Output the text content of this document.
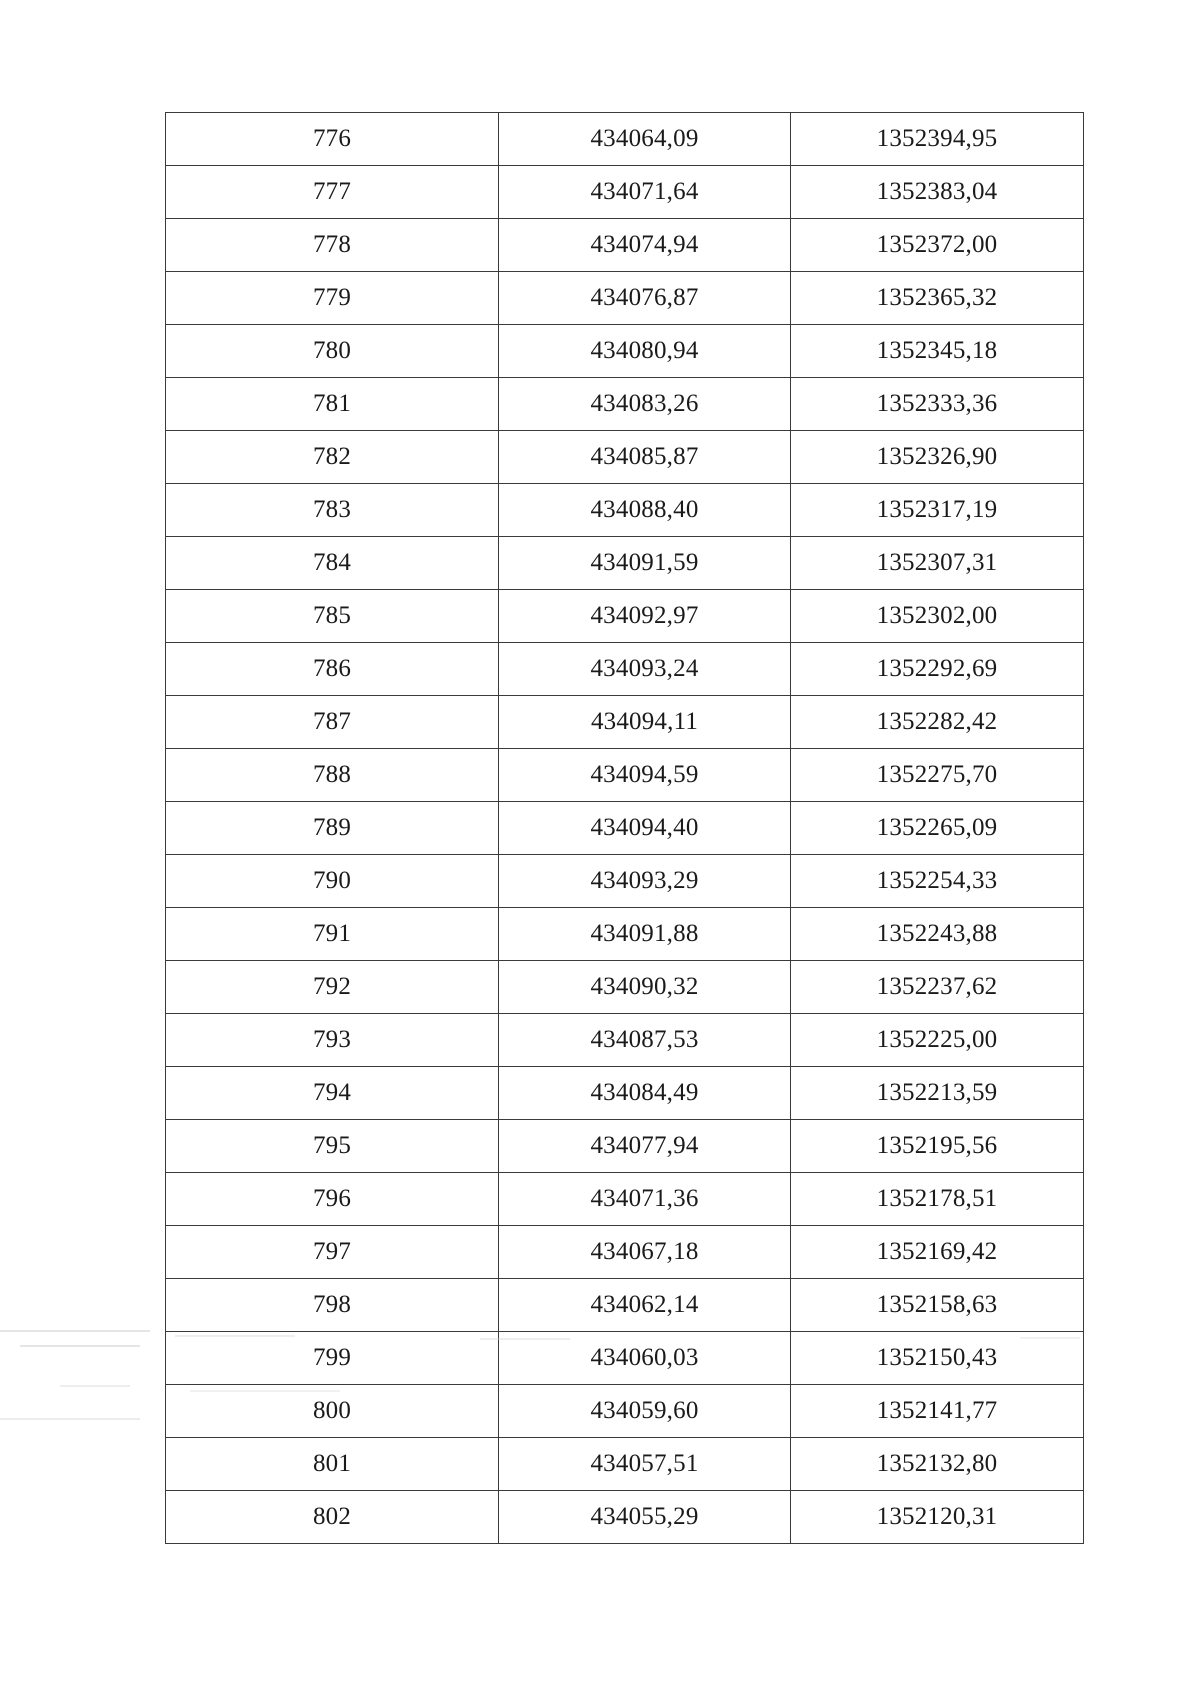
776	434064,09	1352394,95
777	434071,64	1352383,04
778	434074,94	1352372,00
779	434076,87	1352365,32
780	434080,94	1352345,18
781	434083,26	1352333,36
782	434085,87	1352326,90
783	434088,40	1352317,19
784	434091,59	1352307,31
785	434092,97	1352302,00
786	434093,24	1352292,69
787	434094,11	1352282,42
788	434094,59	1352275,70
789	434094,40	1352265,09
790	434093,29	1352254,33
791	434091,88	1352243,88
792	434090,32	1352237,62
793	434087,53	1352225,00
794	434084,49	1352213,59
795	434077,94	1352195,56
796	434071,36	1352178,51
797	434067,18	1352169,42
798	434062,14	1352158,63
799	434060,03	1352150,43
800	434059,60	1352141,77
801	434057,51	1352132,80
802	434055,29	1352120,31
